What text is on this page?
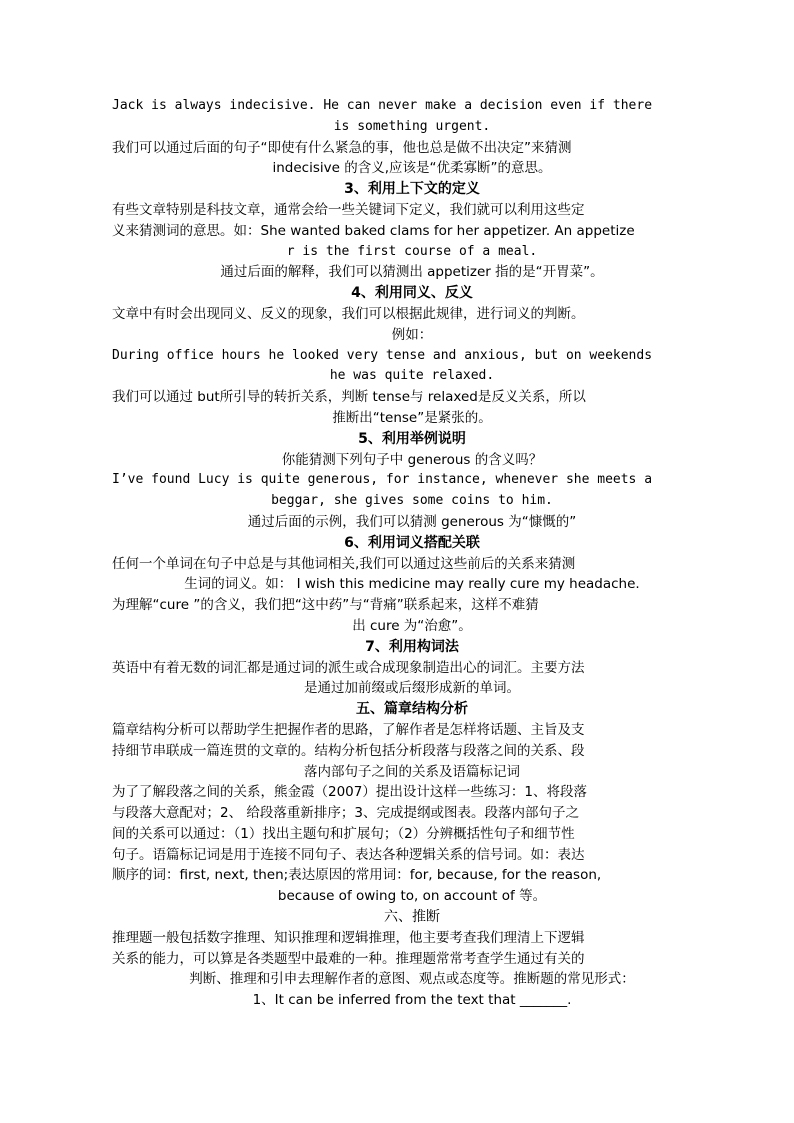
Jack is always indecisive. He can never make a decision even if there
is something urgent.
我们可以通过后面的句子“即使有什么紧急的事，他也总是做不出决定”来猜测
indecisive 的含义,应该是“优柔寡断”的意思。
3、利用上下文的定义
有些文章特别是科技文章，通常会给一些关键词下定义，我们就可以利用这些定
义来猜测词的意思。如：She wanted baked clams for her appetizer. An appetize
r is the first course of a meal.
通过后面的解释，我们可以猜测出 appetizer 指的是“开胃菜”。
4、利用同义、反义
文章中有时会出现同义、反义的现象，我们可以根据此规律，进行词义的判断。
例如：
During office hours he looked very tense and anxious, but on weekends
he was quite relaxed.
我们可以通过 but所引导的转折关系，判断 tense与 relaxed是反义关系，所以
推断出“tense”是紧张的。
5、利用举例说明
你能猜测下列句子中 generous 的含义吗？
I’ve found Lucy is quite generous, for instance, whenever she meets a
beggar, she gives some coins to him.
通过后面的示例，我们可以猜测 generous 为“慷慨的”
6、利用词义搭配关联
任何一个单词在句子中总是与其他词相关,我们可以通过这些前后的关系来猜测
生词的词义。如： I wish this medicine may really cure my headache.
为理解“cure ”的含义，我们把“这中药”与“背痛”联系起来，这样不难猜
出 cure 为“治愈”。
7、利用构词法
英语中有着无数的词汇都是通过词的派生或合成现象制造出心的词汇。主要方法
是通过加前缀或后缀形成新的单词。
五、篇章结构分析
篇章结构分析可以帮助学生把握作者的思路，了解作者是怎样将话题、主旨及支
持细节串联成一篇连贯的文章的。结构分析包括分析段落与段落之间的关系、段
落内部句子之间的关系及语篇标记词
为了了解段落之间的关系，熊金霞（2007）提出设计这样一些练习：1、将段落
与段落大意配对；2、 给段落重新排序；3、完成提纲或图表。段落内部句子之
间的关系可以通过：（1）找出主题句和扩展句；（2）分辨概括性句子和细节性
句子。语篇标记词是用于连接不同句子、表达各种逻辑关系的信号词。如：表达
顺序的词：first, next, then;表达原因的常用词：for, because, for the reason,
because of owing to, on account of 等。
六、推断
推理题一般包括数字推理、知识推理和逻辑推理，他主要考查我们理清上下逻辑
关系的能力，可以算是各类题型中最难的一种。推理题常常考查学生通过有关的
判断、推理和引申去理解作者的意图、观点或态度等。推断题的常见形式：
1、It can be inferred from the text that _______.
